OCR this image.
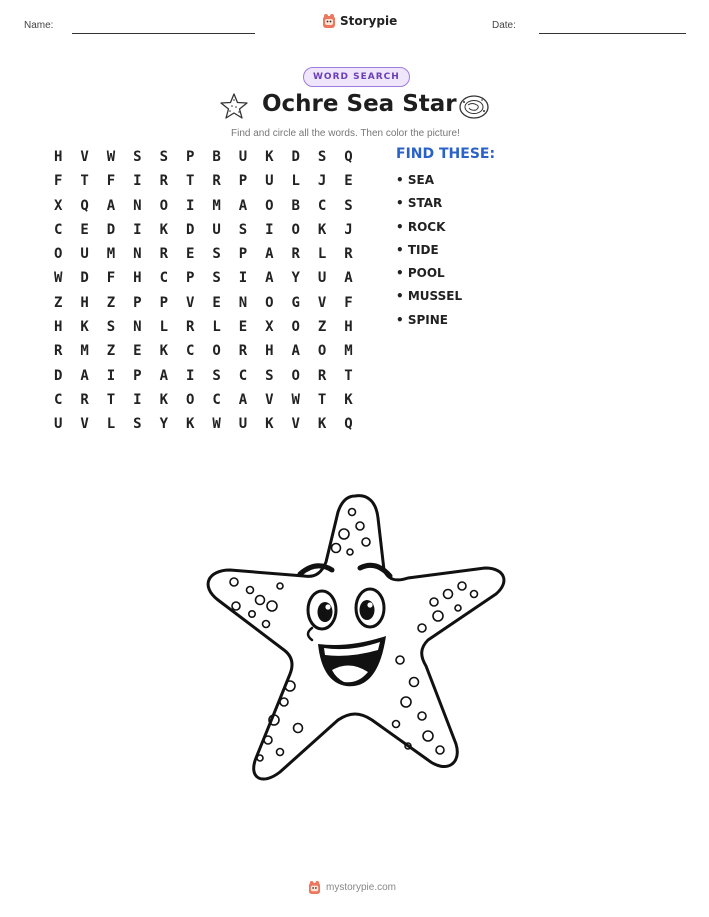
Name:	Storypie	Date:
WORD SEARCH
Ochre Sea Star
Find and circle all the words. Then color the picture!
H	V	W	S	S	P	B	U	K	D	S	Q
F	T	F	I	R	T	R	P	U	L	J	E
X	Q	A	N	O	I	M	A	O	B	C	S
C	E	D	I	K	D	U	S	I	O	K	J
O	U	M	N	R	E	S	P	A	R	L	R
W	D	F	H	C	P	S	I	A	Y	U	A
Z	H	Z	P	P	V	E	N	O	G	V	F
H	K	S	N	L	R	L	E	X	O	Z	H
R	M	Z	E	K	C	O	R	H	A	O	M
D	A	I	P	A	I	S	C	S	O	R	T
C	R	T	I	K	O	C	A	V	W	T	K
U	V	L	S	Y	K	W	U	K	V	K	Q
FIND THESE:
• SEA
• STAR
• ROCK
• TIDE
• POOL
• MUSSEL
• SPINE
mystorypie.com
